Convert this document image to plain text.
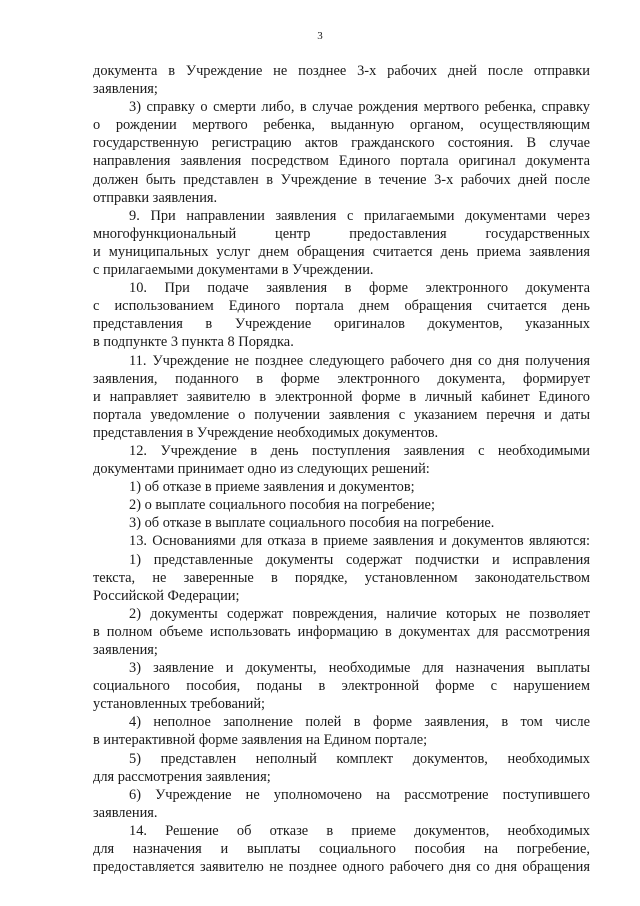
3
документа в Учреждение не позднее 3-х рабочих дней после отправки
заявления;
3) справку о смерти либо, в случае рождения мертвого ребенка, справку
о рождении мертвого ребенка, выданную органом, осуществляющим
государственную регистрацию актов гражданского состояния. В случае
направления заявления посредством Единого портала оригинал документа
должен быть представлен в Учреждение в течение 3-х рабочих дней после
отправки заявления.
9. При направлении заявления с прилагаемыми документами через
многофункциональный центр предоставления государственных
и муниципальных услуг днем обращения считается день приема заявления
с прилагаемыми документами в Учреждении.
10. При подаче заявления в форме электронного документа
с использованием Единого портала днем обращения считается день
представления в Учреждение оригиналов документов, указанных
в подпункте 3 пункта 8 Порядка.
11. Учреждение не позднее следующего рабочего дня со дня получения
заявления, поданного в форме электронного документа, формирует
и направляет заявителю в электронной форме в личный кабинет Единого
портала уведомление о получении заявления с указанием перечня и даты
представления в Учреждение необходимых документов.
12. Учреждение в день поступления заявления с необходимыми
документами принимает одно из следующих решений:
1) об отказе в приеме заявления и документов;
2) о выплате социального пособия на погребение;
3) об отказе в выплате социального пособия на погребение.
13. Основаниями для отказа в приеме заявления и документов являются:
1) представленные документы содержат подчистки и исправления
текста, не заверенные в порядке, установленном законодательством
Российской Федерации;
2) документы содержат повреждения, наличие которых не позволяет
в полном объеме использовать информацию в документах для рассмотрения
заявления;
3) заявление и документы, необходимые для назначения выплаты
социального пособия, поданы в электронной форме с нарушением
установленных требований;
4) неполное заполнение полей в форме заявления, в том числе
в интерактивной форме заявления на Едином портале;
5) представлен неполный комплект документов, необходимых
для рассмотрения заявления;
6) Учреждение не уполномочено на рассмотрение поступившего
заявления.
14. Решение об отказе в приеме документов, необходимых
для назначения и выплаты социального пособия на погребение,
предоставляется заявителю не позднее одного рабочего дня со дня обращения
